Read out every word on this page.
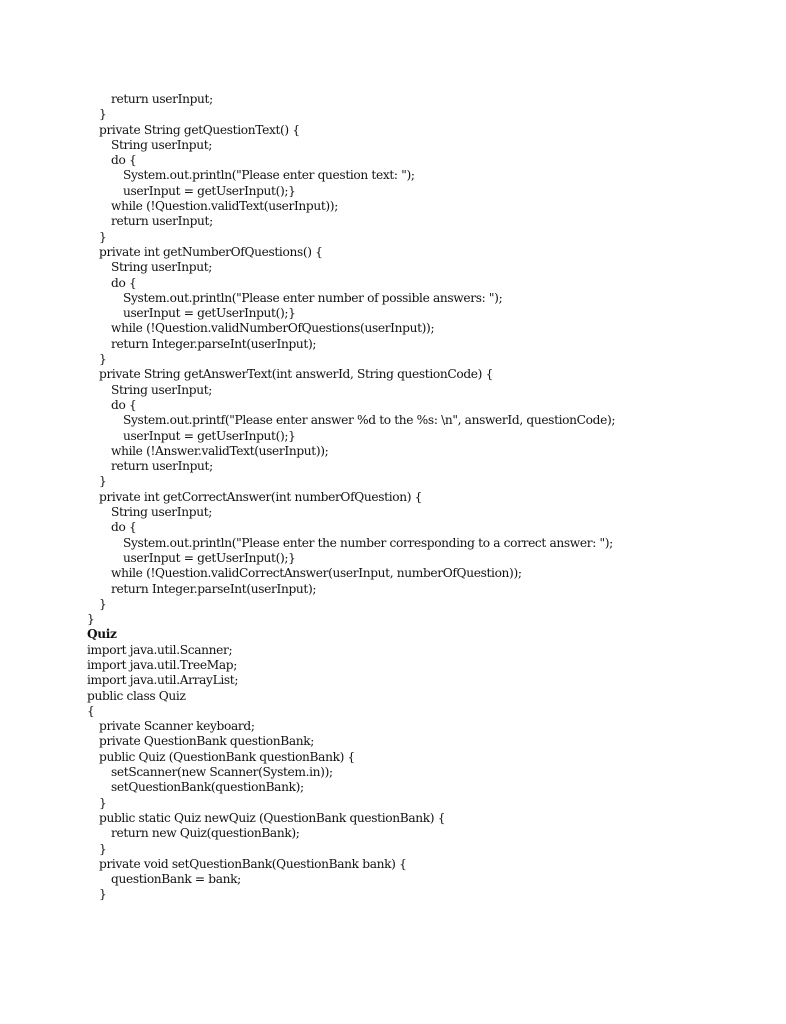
return userInput;
}
private String getQuestionText() {
String userInput;
do {
System.out.println("Please enter question text: ");
userInput = getUserInput();}
while (!Question.validText(userInput));
return userInput;
}
private int getNumberOfQuestions() {
String userInput;
do {
System.out.println("Please enter number of possible answers: ");
userInput = getUserInput();}
while (!Question.validNumberOfQuestions(userInput));
return Integer.parseInt(userInput);
}
private String getAnswerText(int answerId, String questionCode) {
String userInput;
do {
System.out.printf("Please enter answer %d to the %s: \n", answerId, questionCode);
userInput = getUserInput();}
while (!Answer.validText(userInput));
return userInput;
}
private int getCorrectAnswer(int numberOfQuestion) {
String userInput;
do {
System.out.println("Please enter the number corresponding to a correct answer: ");
userInput = getUserInput();}
while (!Question.validCorrectAnswer(userInput, numberOfQuestion));
return Integer.parseInt(userInput);
}
}
Quiz
import java.util.Scanner;
import java.util.TreeMap;
import java.util.ArrayList;
public class Quiz
{
private Scanner keyboard;
private QuestionBank questionBank;
public Quiz (QuestionBank questionBank) {
setScanner(new Scanner(System.in));
setQuestionBank(questionBank);
}
public static Quiz newQuiz (QuestionBank questionBank) {
return new Quiz(questionBank);
}
private void setQuestionBank(QuestionBank bank) {
questionBank = bank;
}
